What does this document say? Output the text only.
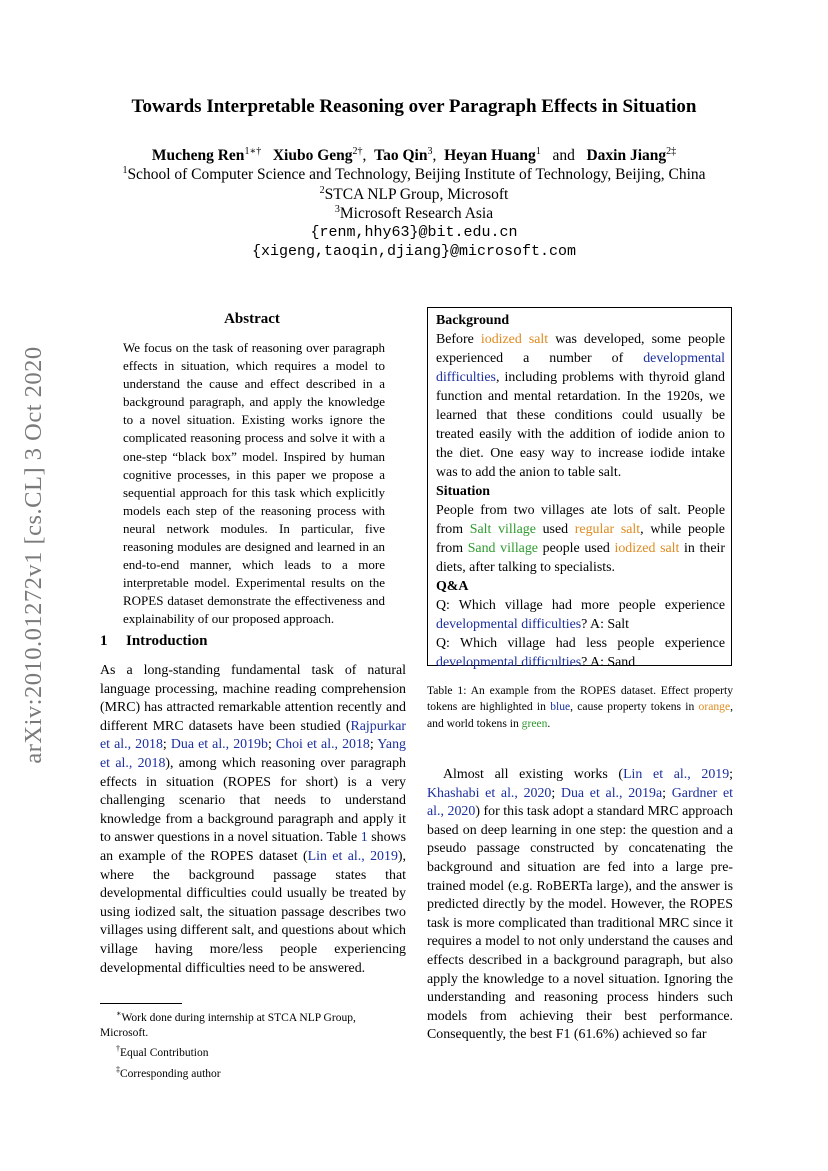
arXiv:2010.01272v1 [cs.CL] 3 Oct 2020
Towards Interpretable Reasoning over Paragraph Effects in Situation
Mucheng Ren$^{1∗\dagger}$ Xiubo Geng$^{2\dagger}$,  Tao Qin$^3$,  Heyan Huang$^1$ and Daxin Jiang$^{2\ddagger}$
$^1$School of Computer Science and Technology, Beijing Institute of Technology, Beijing, China
$^2$STCA NLP Group, Microsoft
$^3$Microsoft Research Asia
{renm,hhy63}@bit.edu.cn
{xigeng,taoqin,djiang}@microsoft.com
Abstract
We focus on the task of reasoning over paragraph effects in situation, which requires a model to understand the cause and effect described in a background paragraph, and apply the knowledge to a novel situation. Existing works ignore the complicated reasoning process and solve it with a one-step “black box” model. Inspired by human cognitive processes, in this paper we propose a sequential approach for this task which explicitly models each step of the reasoning process with neural network modules. In particular, five reasoning modules are designed and learned in an end-to-end manner, which leads to a more interpretable model. Experimental results on the ROPES dataset demonstrate the effectiveness and explainability of our proposed approach.
1 Introduction
As a long-standing fundamental task of natural language processing, machine reading comprehension (MRC) has attracted remarkable attention recently and different MRC datasets have been studied (Rajpurkar et al., 2018; Dua et al., 2019b; Choi et al., 2018; Yang et al., 2018), among which reasoning over paragraph effects in situation (ROPES for short) is a very challenging scenario that needs to understand knowledge from a background paragraph and apply it to answer questions in a novel situation. Table 1 shows an example of the ROPES dataset (Lin et al., 2019), where the background passage states that developmental difficulties could usually be treated by using iodized salt, the situation passage describes two villages using different salt, and questions about which village having more/less people experiencing developmental difficulties need to be answered.
∗Work done during internship at STCA NLP Group, Microsoft.
†Equal Contribution
‡Corresponding author
Background
Before iodized salt was developed, some people experienced a number of developmental difficulties, including problems with thyroid gland function and mental retardation. In the 1920s, we learned that these conditions could usually be treated easily with the addition of iodide anion to the diet. One easy way to increase iodide intake was to add the anion to table salt.
Situation
People from two villages ate lots of salt. People from Salt village used regular salt, while people from Sand village people used iodized salt in their diets, after talking to specialists.
Q&A
Q: Which village had more people experience developmental difficulties? A: Salt
Q: Which village had less people experience developmental difficulties? A: Sand
Table 1: An example from the ROPES dataset. Effect property tokens are highlighted in blue, cause property tokens in orange, and world tokens in green.
Almost all existing works (Lin et al., 2019; Khashabi et al., 2020; Dua et al., 2019a; Gardner et al., 2020) for this task adopt a standard MRC approach based on deep learning in one step: the question and a pseudo passage constructed by concatenating the background and situation are fed into a large pre-trained model (e.g. RoBERTa large), and the answer is predicted directly by the model. However, the ROPES task is more complicated than traditional MRC since it requires a model to not only understand the causes and effects described in a background paragraph, but also apply the knowledge to a novel situation. Ignoring the understanding and reasoning process hinders such models from achieving their best performance. Consequently, the best F1 (61.6%) achieved so far
